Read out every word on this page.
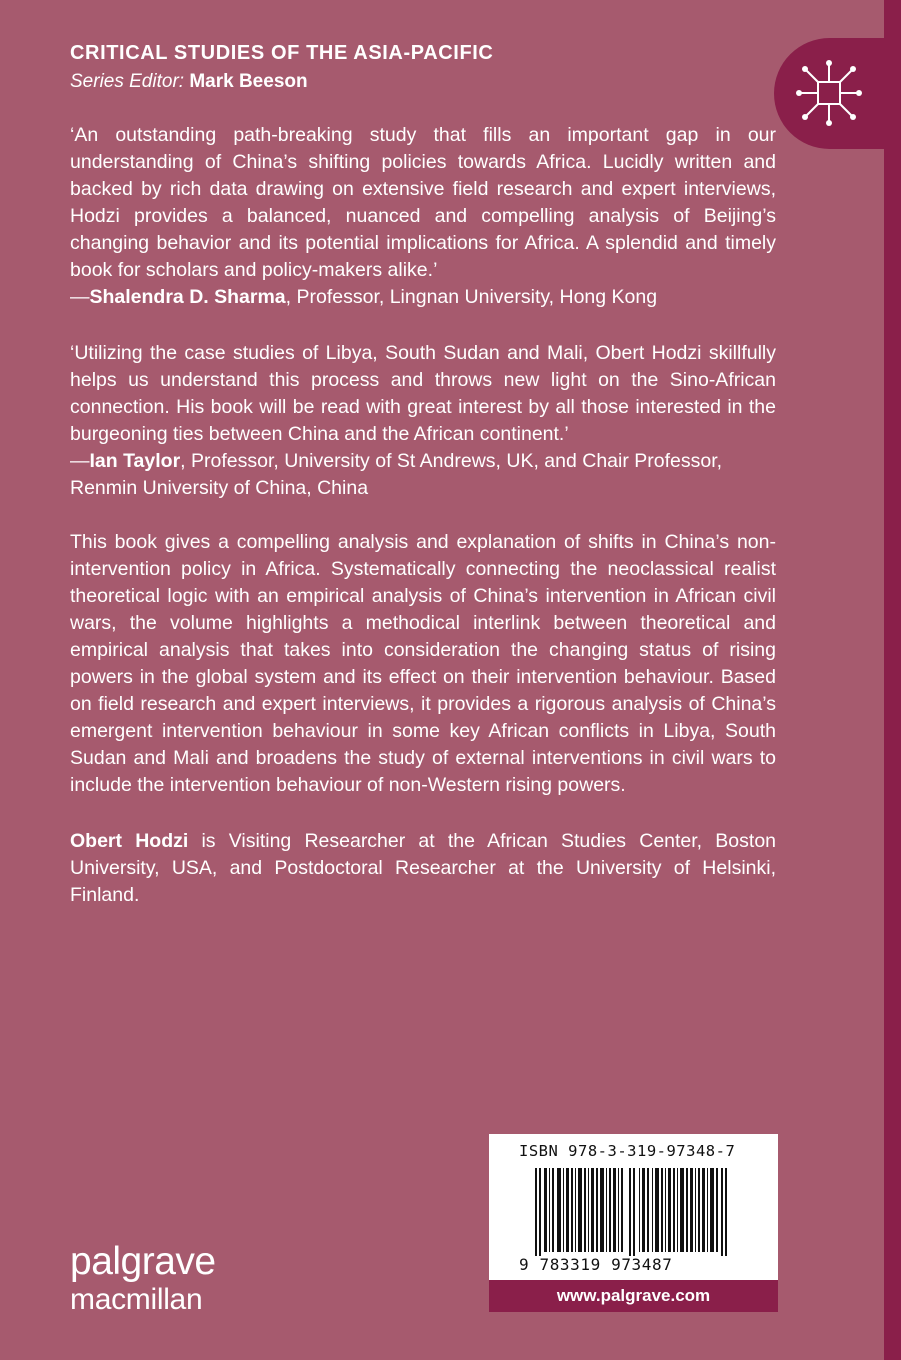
CRITICAL STUDIES OF THE ASIA-PACIFIC
Series Editor: Mark Beeson
‘An outstanding path-breaking study that fills an important gap in our understanding of China’s shifting policies towards Africa. Lucidly written and backed by rich data drawing on extensive field research and expert interviews, Hodzi provides a balanced, nuanced and compelling analysis of Beijing’s changing behavior and its potential implications for Africa. A splendid and timely book for scholars and policy-makers alike.’
—Shalendra D. Sharma, Professor, Lingnan University, Hong Kong
‘Utilizing the case studies of Libya, South Sudan and Mali, Obert Hodzi skillfully helps us understand this process and throws new light on the Sino-African connection. His book will be read with great interest by all those interested in the burgeoning ties between China and the African continent.’
—Ian Taylor, Professor, University of St Andrews, UK, and Chair Professor, Renmin University of China, China
This book gives a compelling analysis and explanation of shifts in China’s non-intervention policy in Africa. Systematically connecting the neoclassical realist theoretical logic with an empirical analysis of China’s intervention in African civil wars, the volume highlights a methodical interlink between theoretical and empirical analysis that takes into consideration the changing status of rising powers in the global system and its effect on their intervention behaviour. Based on field research and expert interviews, it provides a rigorous analysis of China’s emergent intervention behaviour in some key African conflicts in Libya, South Sudan and Mali and broadens the study of external interventions in civil wars to include the intervention behaviour of non-Western rising powers.
Obert Hodzi is Visiting Researcher at the African Studies Center, Boston University, USA, and Postdoctoral Researcher at the University of Helsinki, Finland.
ISBN 978-3-319-97348-7
9 783319 973487
www.palgrave.com
palgrave
macmillan
